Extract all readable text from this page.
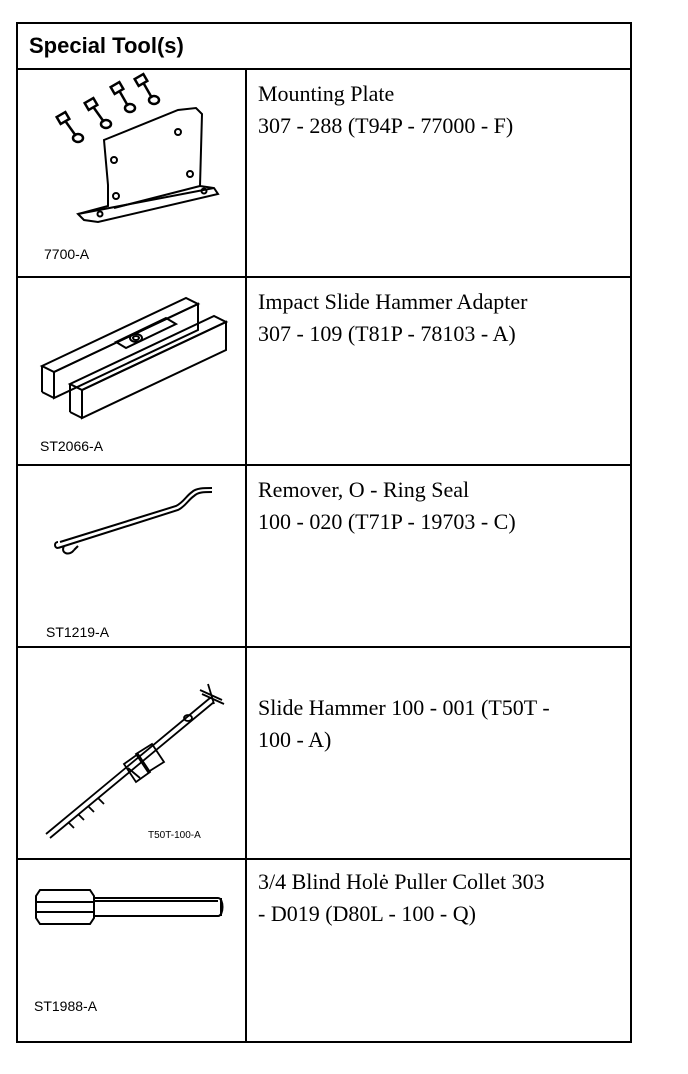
Special Tool(s)
7700-A
Mounting Plate
307 - 288 (T94P - 77000 - F)
ST2066-A
Impact Slide Hammer Adapter
307 - 109 (T81P - 78103 - A)
ST1219-A
Remover, O - Ring Seal
100 - 020 (T71P - 19703 - C)
T50T-100-A
Slide Hammer 100 - 001 (T50T -
100 - A)
ST1988-A
3/4 Blind Holė Puller Collet 303
- D019 (D80L - 100 - Q)
